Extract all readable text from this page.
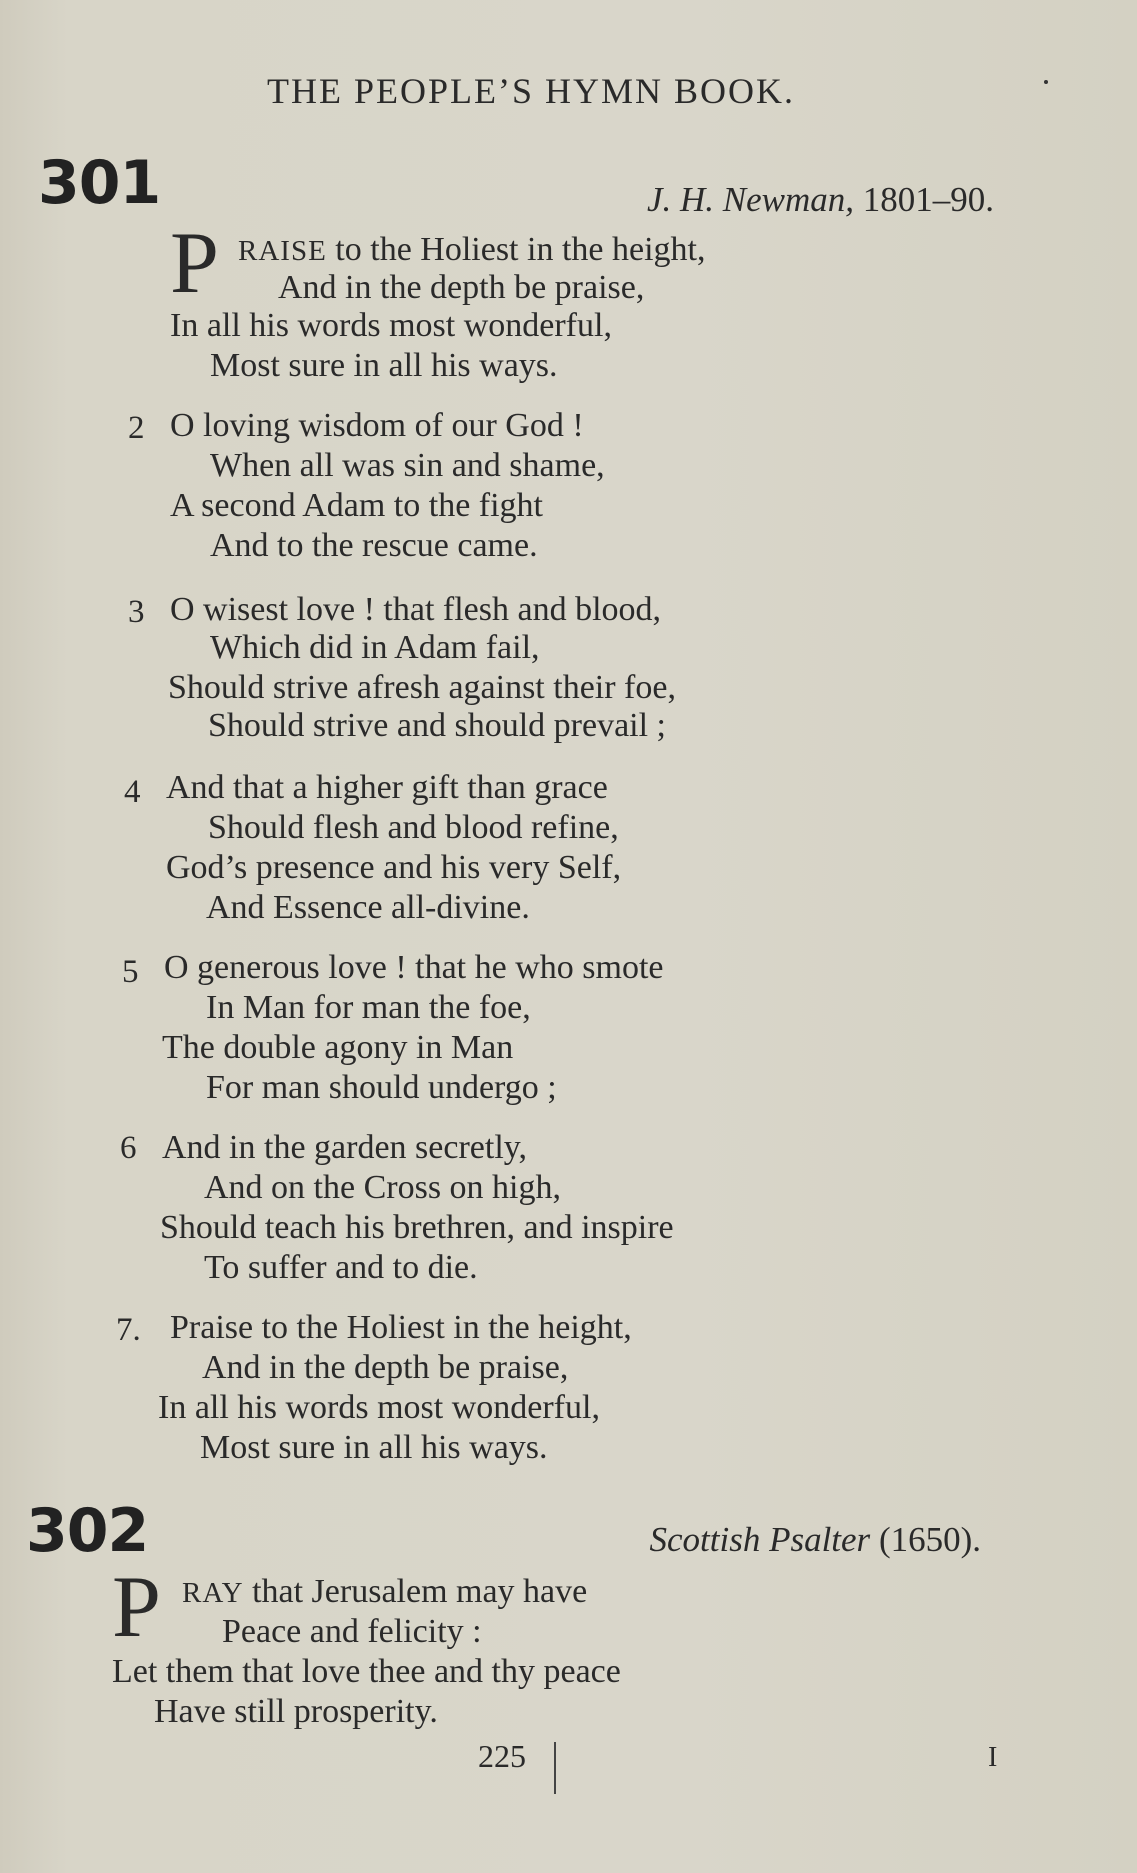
THE PEOPLE’S HYMN BOOK.
301	J. H. Newman, 1801–90.
P RAISE to the Holiest in the height,
And in the depth be praise,
In all his words most wonderful,
Most sure in all his ways.
2 O loving wisdom of our God !
When all was sin and shame,
A second Adam to the fight
And to the rescue came.
3 O wisest love ! that flesh and blood,
Which did in Adam fail,
Should strive afresh against their foe,
Should strive and should prevail ;
4 And that a higher gift than grace
Should flesh and blood refine,
God’s presence and his very Self,
And Essence all-divine.
5 O generous love ! that he who smote
In Man for man the foe,
The double agony in Man
For man should undergo ;
6 And in the garden secretly,
And on the Cross on high,
Should teach his brethren, and inspire
To suffer and to die.
7. Praise to the Holiest in the height,
And in the depth be praise,
In all his words most wonderful,
Most sure in all his ways.
302	Scottish Psalter (1650).
P RAY that Jerusalem may have
Peace and felicity :
Let them that love thee and thy peace
Have still prosperity.
225	I
